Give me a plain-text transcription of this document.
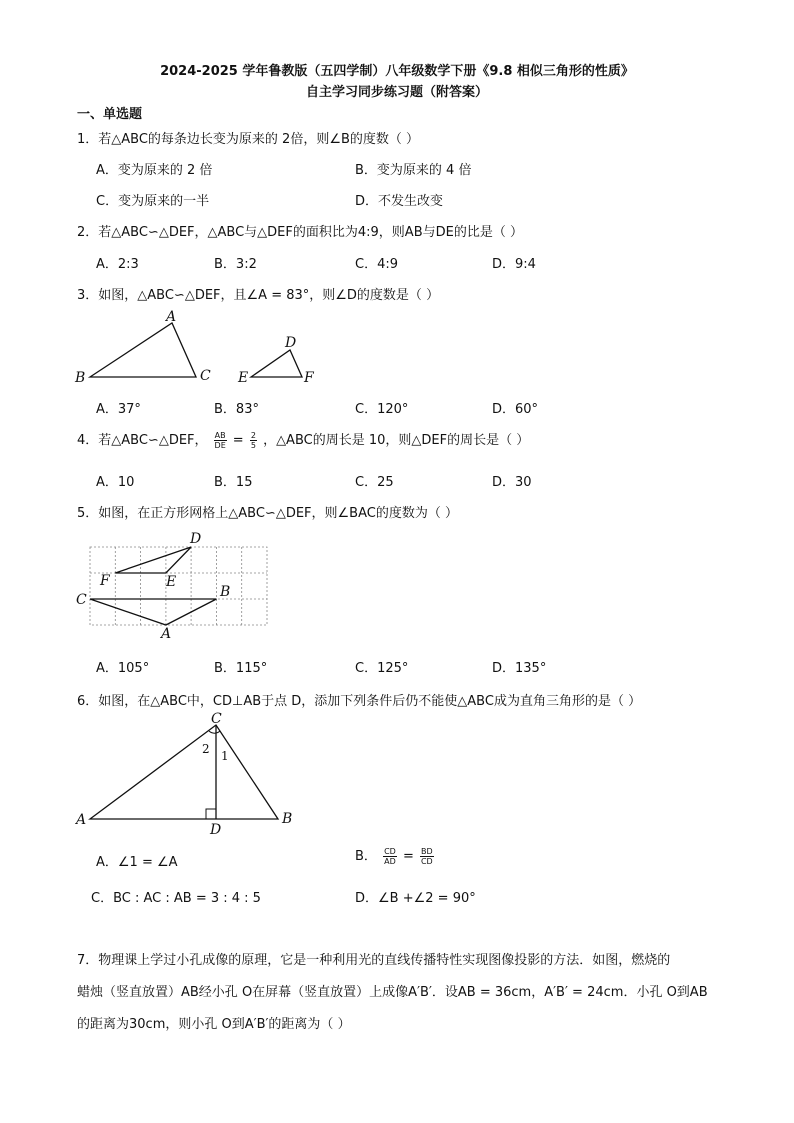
2024-2025 学年鲁教版（五四学制）八年级数学下册《9.8 相似三角形的性质》
自主学习同步练习题（附答案）
一、单选题
1．若△ABC的每条边长变为原来的 2倍，则∠B的度数（ ）
A．变为原来的 2 倍	B．变为原来的 4 倍
C．变为原来的一半	D．不发生改变
2．若△ABC∽△DEF，△ABC与△DEF的面积比为4:9，则AB与DE的比是（ ）
A．2:3	B．3:2	C．4:9	D．9:4
3．如图，△ABC∽△DEF，且∠A = 83°，则∠D的度数是（ ）
A
B	C
D
E	F
A．37°	B．83°	C．120°	D．60°
4．若△ABC∽△DEF， $\frac{AB}{DE} = \frac{2}{5}$ ，△ABC的周长是 10，则△DEF的周长是（ ）
A．10	B．15	C．25	D．30
5．如图，在正方形网格上△ABC∽△DEF，则∠BAC的度数为（ ）
D
F	E
C	B
A
A．105°	B．115°	C．125°	D．135°
6．如图，在△ABC中，CD⊥AB于点 D，添加下列条件后仍不能使△ABC成为直角三角形的是（ ）
C
A	B
D
2 1
A．∠1 = ∠A	B． $\frac{CD}{AD} = \frac{BD}{CD}$
C．BC : AC : AB = 3 : 4 : 5	D．∠B +∠2 = 90°
7．物理课上学过小孔成像的原理，它是一种利用光的直线传播特性实现图像投影的方法．如图，燃烧的
蜡烛（竖直放置）AB经小孔 O在屏幕（竖直放置）上成像A′B′．设AB = 36cm，A′B′ = 24cm．小孔 O到AB
的距离为30cm，则小孔 O到A′B′的距离为（ ）
